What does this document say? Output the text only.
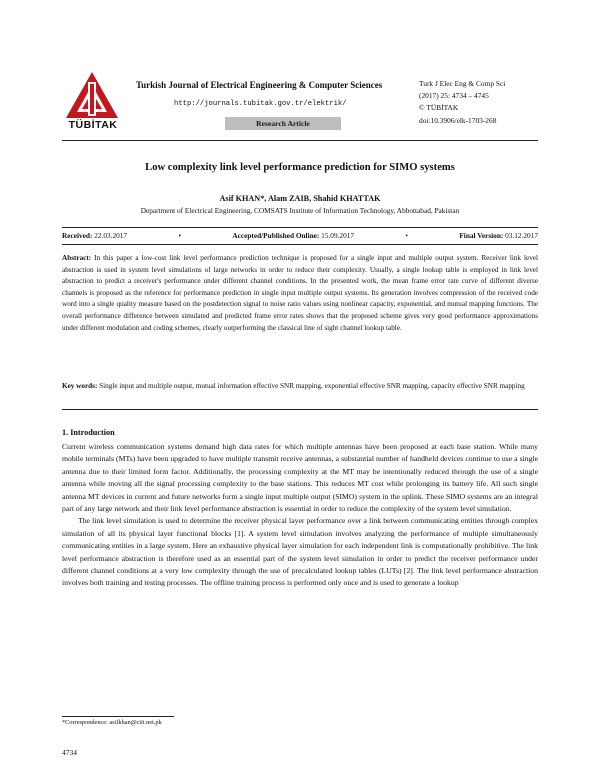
TÜBİTAK
Turkish Journal of Electrical Engineering & Computer Sciences
http://journals.tubitak.gov.tr/elektrik/
Research Article
Turk J Elec Eng & Comp Sci
(2017) 25: 4734 – 4745
© TÜBİTAK
doi:10.3906/elk-1703-268
Low complexity link level performance prediction for SIMO systems
Asif KHAN*, Alam ZAIB, Shahid KHATTAK
Department of Electrical Engineering, COMSATS Institute of Information Technology, Abbottabad, Pakistan
Received: 22.03.2017	•	Accepted/Published Online: 15.09.2017	•	Final Version: 03.12.2017
Abstract: In this paper a low-cost link level performance prediction technique is proposed for a single input and multiple output system. Receiver link level abstraction is used in system level simulations of large networks in order to reduce their complexity. Usually, a single lookup table is employed in link level abstraction to predict a receiver's performance under different channel conditions. In the presented work, the mean frame error rate curve of different diverse channels is proposed as the reference for performance prediction in single input multiple output systems. Its generation involves compression of the received code word into a single quality measure based on the postdetection signal to noise ratio values using nonlinear capacity, exponential, and mutual mapping functions. The overall performance difference between simulated and predicted frame error rates shows that the proposed scheme gives very good performance approximations under different modulation and coding schemes, clearly outperforming the classical line of sight channel lookup table.
Key words: Single input and multiple output, mutual information effective SNR mapping, exponential effective SNR mapping, capacity effective SNR mapping
1. Introduction

Current wireless communication systems demand high data rates for which multiple antennas have been proposed at each base station. While many mobile terminals (MTs) have been upgraded to have multiple transmit receive antennas, a substantial number of handheld devices continue to use a single antenna due to their limited form factor. Additionally, the processing complexity at the MT may be intentionally reduced through the use of a single antenna while moving all the signal processing complexity to the base stations. This reduces MT cost while prolonging its battery life. All such single antenna MT devices in current and future networks form a single input multiple output (SIMO) system in the uplink. These SIMO systems are an integral part of any large network and their link level performance abstraction is essential in order to reduce the complexity of the system level simulation.

The link level simulation is used to determine the receiver physical layer performance over a link between communicating entities through complex simulation of all its physical layer functional blocks [1]. A system level simulation involves analyzing the performance of multiple simultaneously communicating entities in a large system. Here an exhaustive physical layer simulation for each independent link is computationally prohibitive. The link level performance abstraction is therefore used as an essential part of the system level simulation in order to predict the receiver performance under different channel conditions at a very low complexity through the use of precalculated lookup tables (LUTs) [2]. The link level performance abstraction involves both training and testing processes. The offline training process is performed only once and is used to generate a lookup

*Correspondence: asifkhan@ciit.net.pk
4734
